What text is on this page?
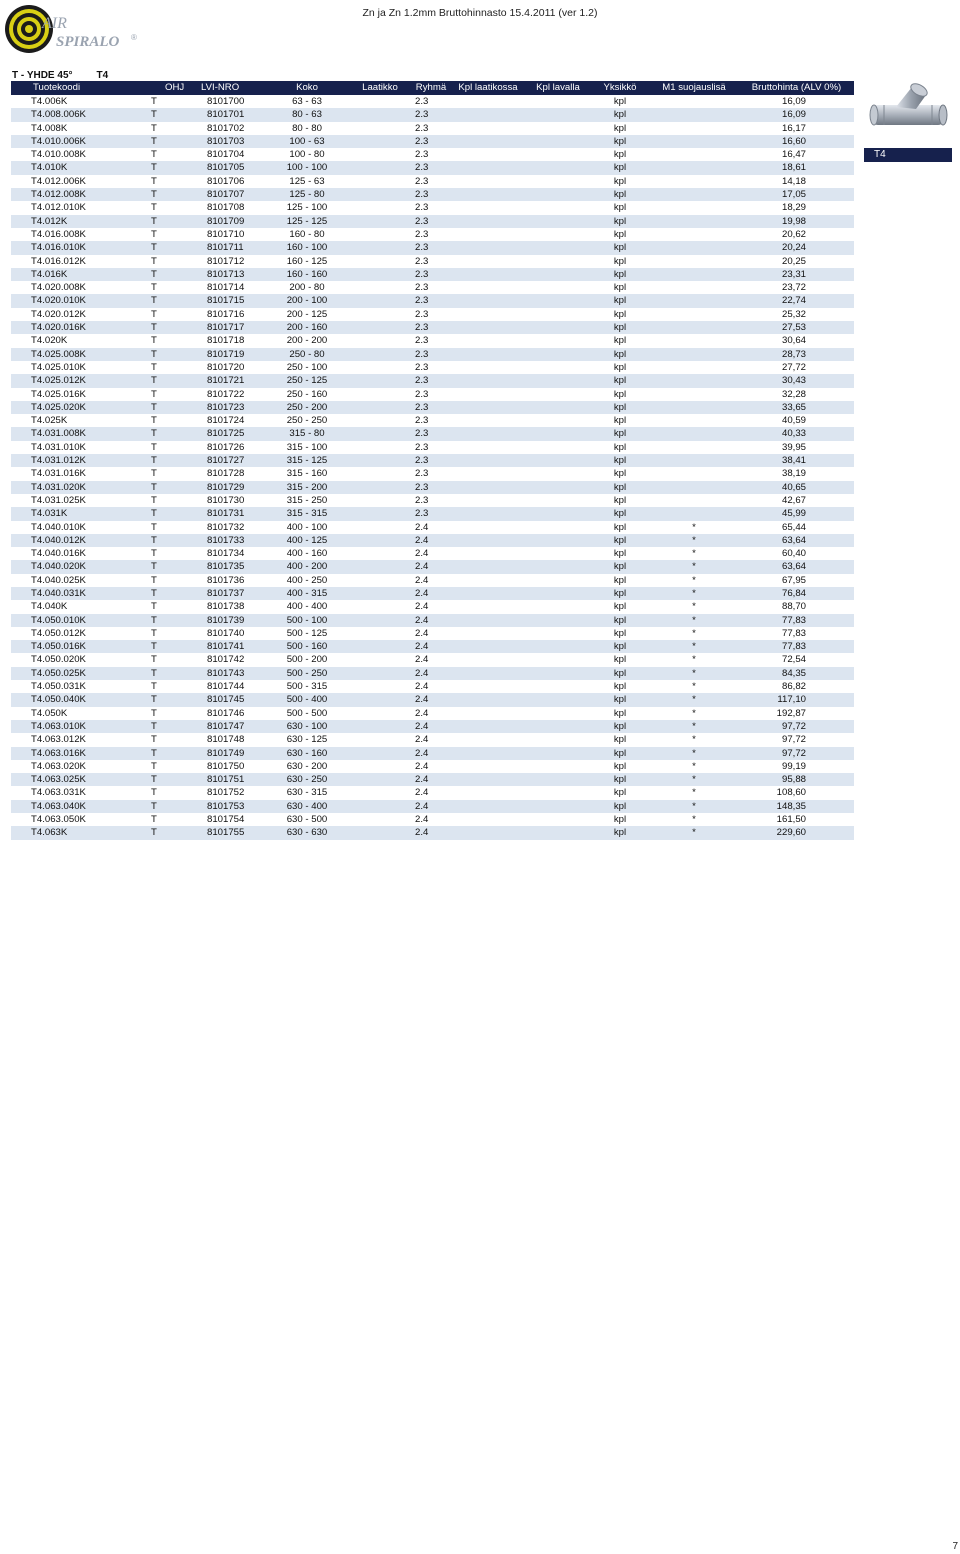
AIR
SPIRALO ®
Zn ja Zn 1.2mm Bruttohinnasto 15.4.2011 (ver 1.2)
T - YHDE 45° T4
Tuotekoodi	OHJ	LVI-NRO	Koko	Laatikko	Ryhmä	Kpl laatikossa	Kpl lavalla	Yksikkö	M1 suojauslisä	Bruttohinta (ALV 0%)
T4.006K	T	8101700	63 - 63		2.3			kpl		16,09
T4.008.006K	T	8101701	80 - 63		2.3			kpl		16,09
T4.008K	T	8101702	80 - 80		2.3			kpl		16,17
T4.010.006K	T	8101703	100 - 63		2.3			kpl		16,60
T4.010.008K	T	8101704	100 - 80		2.3			kpl		16,47
T4.010K	T	8101705	100 - 100		2.3			kpl		18,61
T4.012.006K	T	8101706	125 - 63		2.3			kpl		14,18
T4.012.008K	T	8101707	125 - 80		2.3			kpl		17,05
T4.012.010K	T	8101708	125 - 100		2.3			kpl		18,29
T4.012K	T	8101709	125 - 125		2.3			kpl		19,98
T4.016.008K	T	8101710	160 - 80		2.3			kpl		20,62
T4.016.010K	T	8101711	160 - 100		2.3			kpl		20,24
T4.016.012K	T	8101712	160 - 125		2.3			kpl		20,25
T4.016K	T	8101713	160 - 160		2.3			kpl		23,31
T4.020.008K	T	8101714	200 - 80		2.3			kpl		23,72
T4.020.010K	T	8101715	200 - 100		2.3			kpl		22,74
T4.020.012K	T	8101716	200 - 125		2.3			kpl		25,32
T4.020.016K	T	8101717	200 - 160		2.3			kpl		27,53
T4.020K	T	8101718	200 - 200		2.3			kpl		30,64
T4.025.008K	T	8101719	250 - 80		2.3			kpl		28,73
T4.025.010K	T	8101720	250 - 100		2.3			kpl		27,72
T4.025.012K	T	8101721	250 - 125		2.3			kpl		30,43
T4.025.016K	T	8101722	250 - 160		2.3			kpl		32,28
T4.025.020K	T	8101723	250 - 200		2.3			kpl		33,65
T4.025K	T	8101724	250 - 250		2.3			kpl		40,59
T4.031.008K	T	8101725	315 - 80		2.3			kpl		40,33
T4.031.010K	T	8101726	315 - 100		2.3			kpl		39,95
T4.031.012K	T	8101727	315 - 125		2.3			kpl		38,41
T4.031.016K	T	8101728	315 - 160		2.3			kpl		38,19
T4.031.020K	T	8101729	315 - 200		2.3			kpl		40,65
T4.031.025K	T	8101730	315 - 250		2.3			kpl		42,67
T4.031K	T	8101731	315 - 315		2.3			kpl		45,99
T4.040.010K	T	8101732	400 - 100		2.4			kpl	*	65,44
T4.040.012K	T	8101733	400 - 125		2.4			kpl	*	63,64
T4.040.016K	T	8101734	400 - 160		2.4			kpl	*	60,40
T4.040.020K	T	8101735	400 - 200		2.4			kpl	*	63,64
T4.040.025K	T	8101736	400 - 250		2.4			kpl	*	67,95
T4.040.031K	T	8101737	400 - 315		2.4			kpl	*	76,84
T4.040K	T	8101738	400 - 400		2.4			kpl	*	88,70
T4.050.010K	T	8101739	500 - 100		2.4			kpl	*	77,83
T4.050.012K	T	8101740	500 - 125		2.4			kpl	*	77,83
T4.050.016K	T	8101741	500 - 160		2.4			kpl	*	77,83
T4.050.020K	T	8101742	500 - 200		2.4			kpl	*	72,54
T4.050.025K	T	8101743	500 - 250		2.4			kpl	*	84,35
T4.050.031K	T	8101744	500 - 315		2.4			kpl	*	86,82
T4.050.040K	T	8101745	500 - 400		2.4			kpl	*	117,10
T4.050K	T	8101746	500 - 500		2.4			kpl	*	192,87
T4.063.010K	T	8101747	630 - 100		2.4			kpl	*	97,72
T4.063.012K	T	8101748	630 - 125		2.4			kpl	*	97,72
T4.063.016K	T	8101749	630 - 160		2.4			kpl	*	97,72
T4.063.020K	T	8101750	630 - 200		2.4			kpl	*	99,19
T4.063.025K	T	8101751	630 - 250		2.4			kpl	*	95,88
T4.063.031K	T	8101752	630 - 315		2.4			kpl	*	108,60
T4.063.040K	T	8101753	630 - 400		2.4			kpl	*	148,35
T4.063.050K	T	8101754	630 - 500		2.4			kpl	*	161,50
T4.063K	T	8101755	630 - 630		2.4			kpl	*	229,60
T4
7
